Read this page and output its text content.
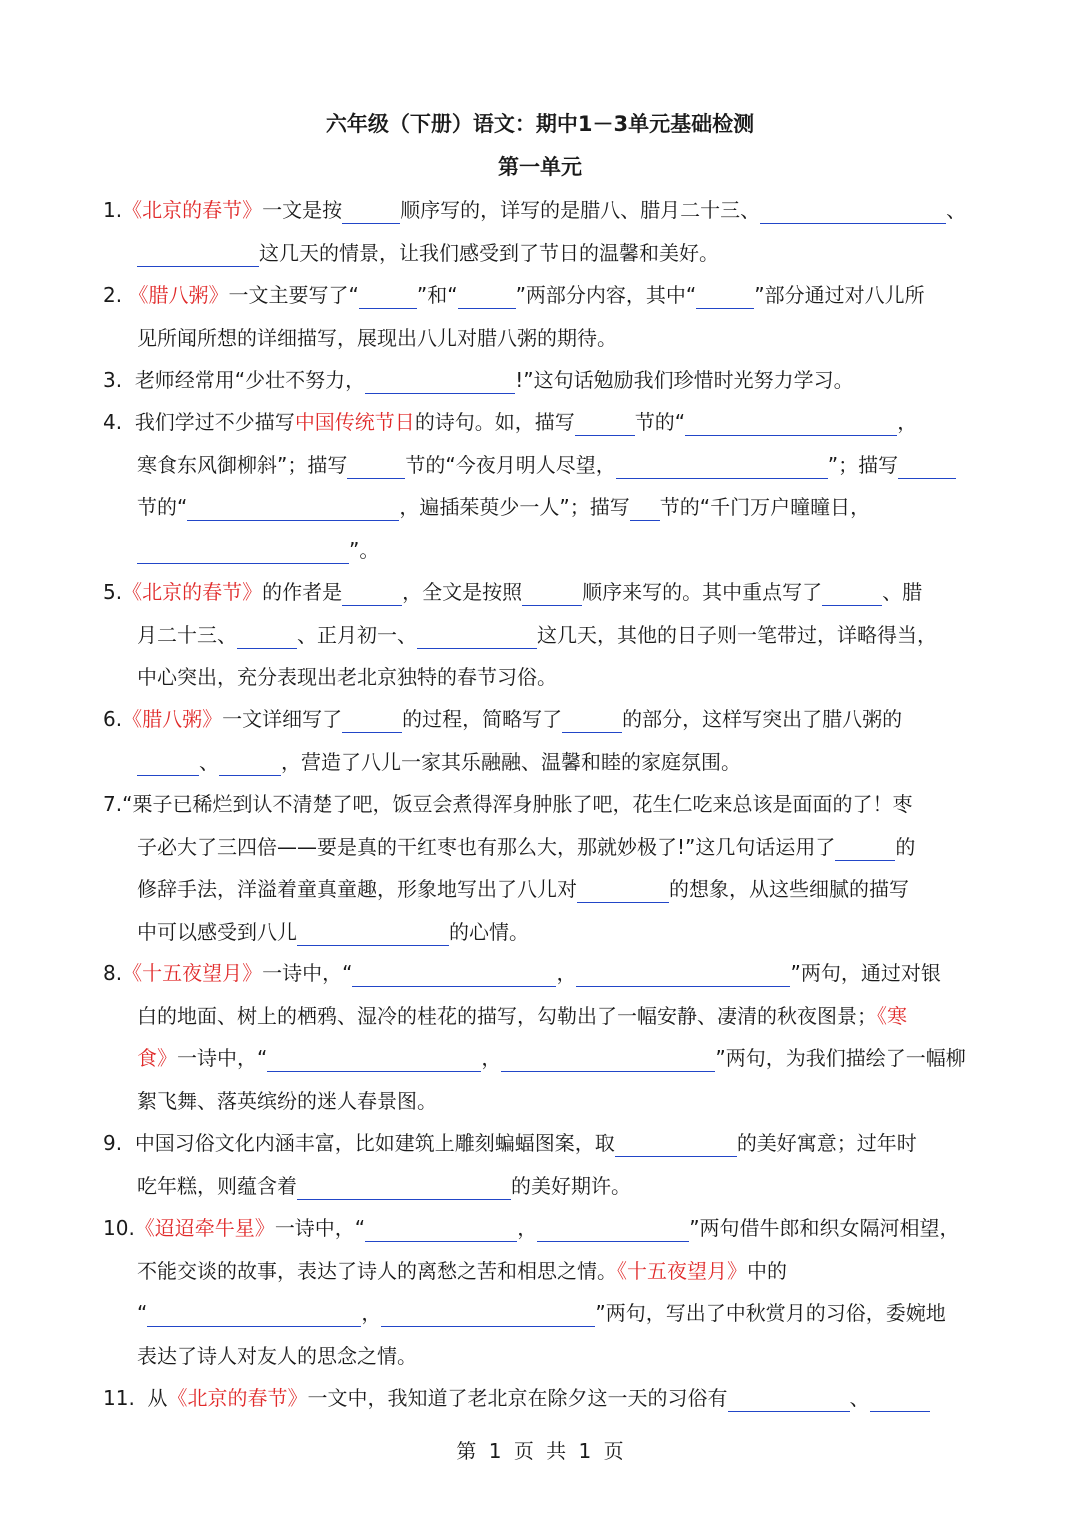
六年级（下册）语文：期中1－3单元基础检测
第一单元
1.《北京的春节》一文是按	顺序写的，详写的是腊八、腊月二十三、	、
这几天的情景，让我们感受到了节日的温馨和美好。
2. 《腊八粥》一文主要写了“	”和“	”两部分内容，其中“	”部分通过对八儿所
见所闻所想的详细描写，展现出八儿对腊八粥的期待。
3. 老师经常用“少壮不努力，	!”这句话勉励我们珍惜时光努力学习。
4. 我们学过不少描写中国传统节日的诗句。如，描写	节的“	，
寒食东风御柳斜”；描写	节的“今夜月明人尽望，	”；描写
节的“	，遍插茱萸少一人”；描写 节的“千门万户曈曈日，
”。
5.《北京的春节》的作者是	，全文是按照	顺序来写的。其中重点写了	、腊
月二十三、	、正月初一、	这几天，其他的日子则一笔带过，详略得当，
中心突出，充分表现出老北京独特的春节习俗。
6.《腊八粥》一文详细写了	的过程，简略写了	的部分，这样写突出了腊八粥的
、	，营造了八儿一家其乐融融、温馨和睦的家庭氛围。
7.“栗子已稀烂到认不清楚了吧，饭豆会煮得浑身肿胀了吧，花生仁吃来总该是面面的了！枣
子必大了三四倍——要是真的干红枣也有那么大，那就妙极了!”这几句话运用了	的
修辞手法，洋溢着童真童趣，形象地写出了八儿对	的想象，从这些细腻的描写
中可以感受到八儿	的心情。
8.《十五夜望月》一诗中，“	，	”两句，通过对银
白的地面、树上的栖鸦、湿冷的桂花的描写，勾勒出了一幅安静、凄清的秋夜图景；《寒
食》一诗中，“	，	”两句，为我们描绘了一幅柳
絮飞舞、落英缤纷的迷人春景图。
9. 中国习俗文化内涵丰富，比如建筑上雕刻蝙蝠图案，取	的美好寓意；过年时
吃年糕，则蕴含着	的美好期许。
10.《迢迢牵牛星》一诗中，“	，	”两句借牛郎和织女隔河相望，
不能交谈的故事，表达了诗人的离愁之苦和相思之情。《十五夜望月》中的
“	，	”两句，写出了中秋赏月的习俗，委婉地
表达了诗人对友人的思念之情。
11. 从《北京的春节》一文中，我知道了老北京在除夕这一天的习俗有	、
第 1 页 共 1 页
